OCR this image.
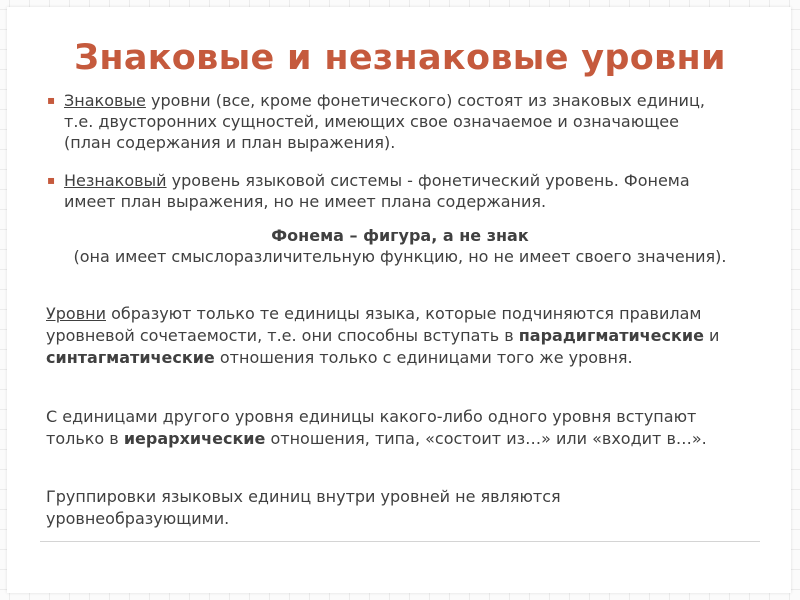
Знаковые и незнаковые уровни
▪ Знаковые уровни (все, кроме фонетического) состоят из знаковых единиц, т.е. двусторонних сущностей, имеющих свое означаемое и означающее (план содержания и план выражения).
▪ Незнаковый уровень языковой системы - фонетический уровень. Фонема имеет план выражения, но не имеет плана содержания.
Фонема – фигура, а не знак
(она имеет смыслоразличительную функцию, но не имеет своего значения).
Уровни образуют только те единицы языка, которые подчиняются правилам уровневой сочетаемости, т.е. они способны вступать в парадигматические и синтагматические отношения только с единицами того же уровня.
С единицами другого уровня единицы какого-либо одного уровня вступают только в иерархические отношения, типа, «состоит из…» или «входит в…».
Группировки языковых единиц внутри уровней не являются уровнеобразующими.
